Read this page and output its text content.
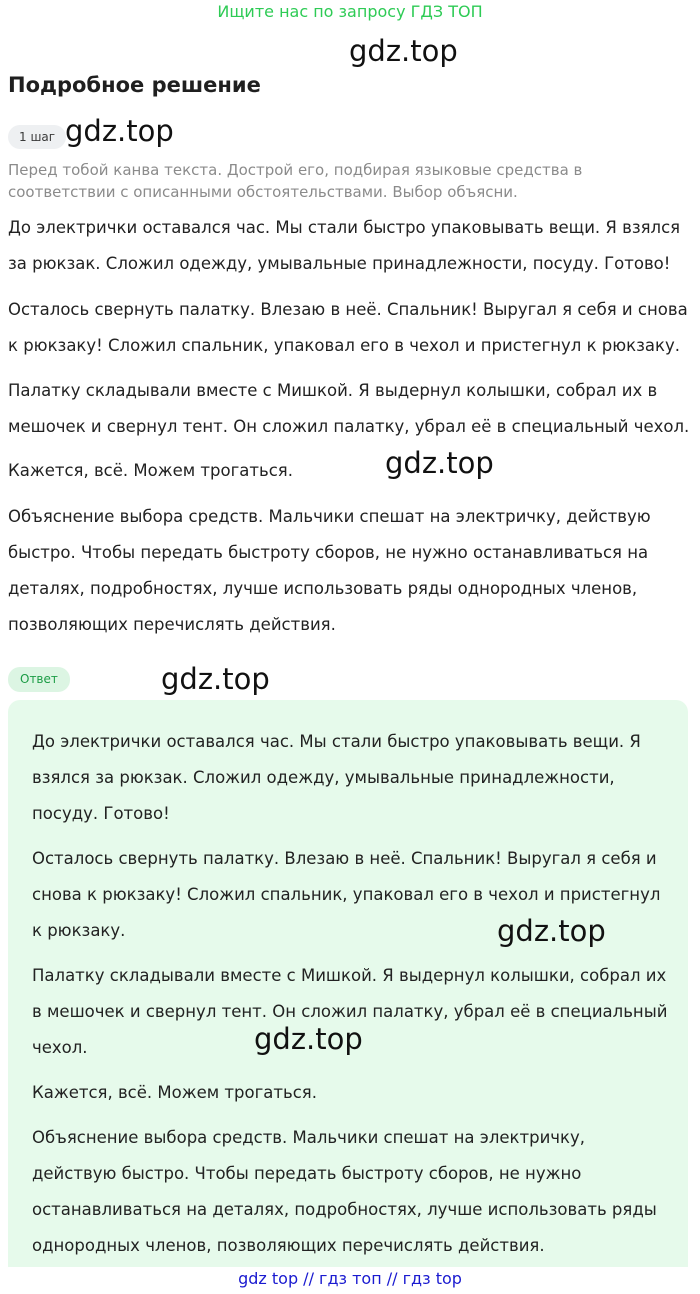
Ищите нас по запросу ГДЗ ТОП
gdz.top
Подробное решение
1 шаг gdz.top
Перед тобой канва текста. Дострой его, подбирая языковые средства в соответствии с описанными обстоятельствами. Выбор объясни.

До электрички оставался час. Мы стали быстро упаковывать вещи. Я взялся за рюкзак. Сложил одежду, умывальные принадлежности, посуду. Готово!

Осталось свернуть палатку. Влезаю в неё. Спальник! Выругал я себя и снова к рюкзаку! Сложил спальник, упаковал его в чехол и пристегнул к рюкзаку.

Палатку складывали вместе с Мишкой. Я выдернул колышки, собрал их в мешочек и свернул тент. Он сложил палатку, убрал её в специальный чехол.

Кажется, всё. Можем трогаться.	gdz.top

Объяснение выбора средств. Мальчики спешат на электричку, действую быстро. Чтобы передать быстроту сборов, не нужно останавливаться на деталях, подробностях, лучше использовать ряды однородных членов, позволяющих перечислять действия.

Ответ	gdz.top

До электрички оставался час. Мы стали быстро упаковывать вещи. Я взялся за рюкзак. Сложил одежду, умывальные принадлежности, посуду. Готово!

Осталось свернуть палатку. Влезаю в неё. Спальник! Выругал я себя и снова к рюкзаку! Сложил спальник, упаковал его в чехол и пристегнул к рюкзаку.	gdz.top

Палатку складывали вместе с Мишкой. Я выдернул колышки, собрал их в мешочек и свернул тент. Он сложил палатку, убрал её в специальный чехол.	gdz.top

Кажется, всё. Можем трогаться.

Объяснение выбора средств. Мальчики спешат на электричку, действую быстро. Чтобы передать быстроту сборов, не нужно останавливаться на деталях, подробностях, лучше использовать ряды однородных членов, позволяющих перечислять действия.

gdz top // гдз топ // гдз top
